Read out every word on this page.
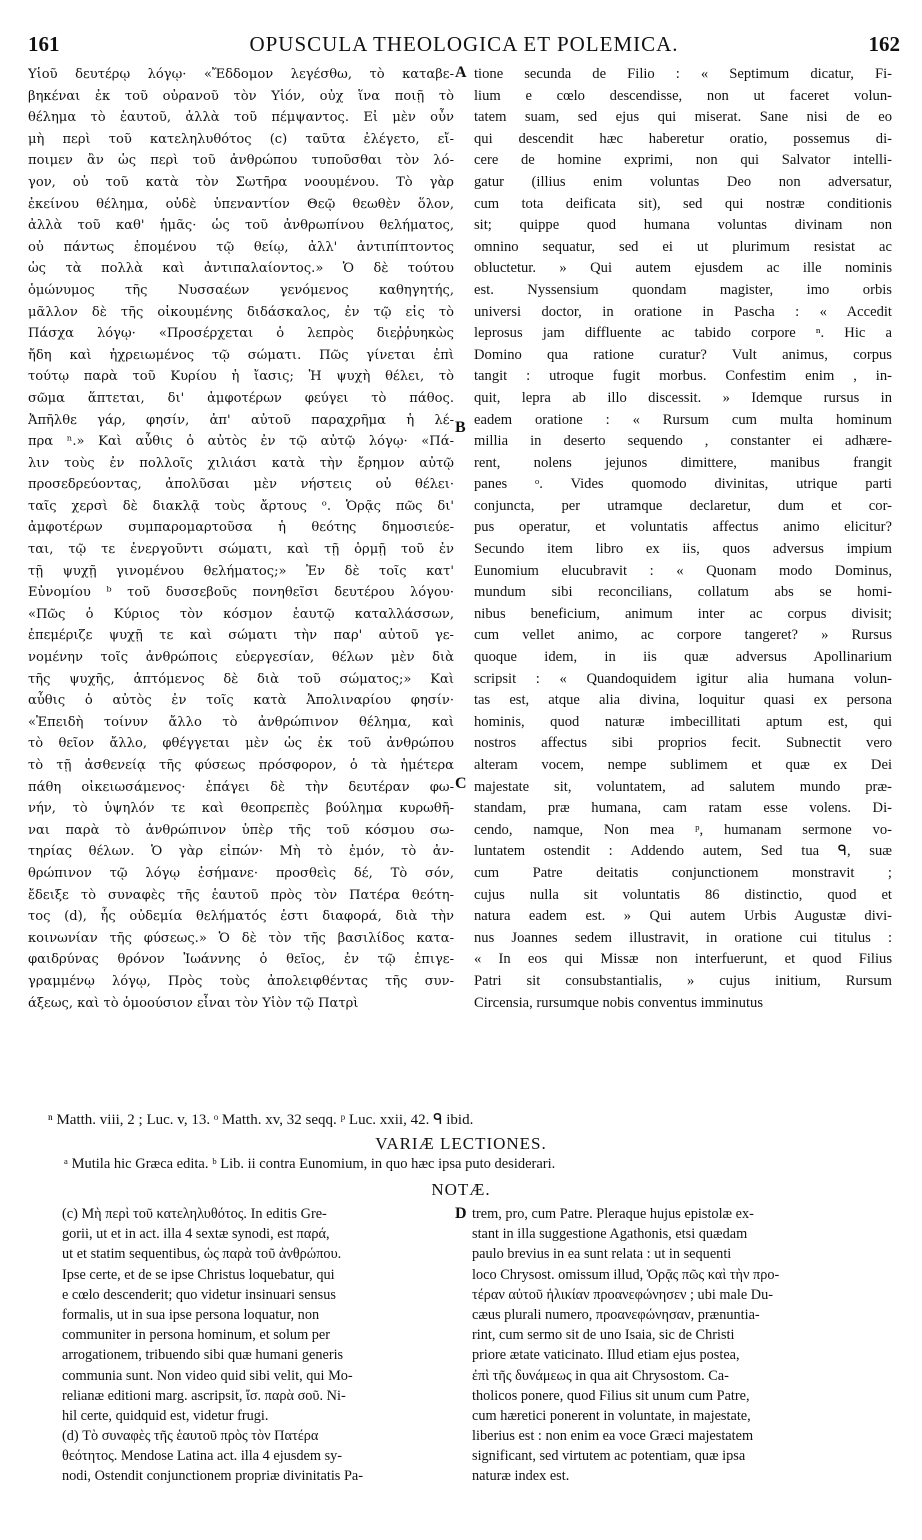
161	OPUSCULA THEOLOGICA ET POLEMICA.	162
Υἱοῦ δευτέρῳ λόγῳ· «Ἔδδομον λεγέσθω, τὸ καταβε-
βηκέναι ἐκ τοῦ οὐρανοῦ τὸν Υἱόν, οὐχ ἵνα ποιῇ τὸ
θέλημα τὸ ἑαυτοῦ, ἀλλὰ τοῦ πέμψαντος. Εἰ μὲν οὖν
μὴ περὶ τοῦ κατεληλυθότος (c) ταῦτα ἐλέγετο, εἴ-
ποιμεν ἂν ὡς περὶ τοῦ ἀνθρώπου τυποῦσθαι τὸν λό-
γον, οὐ τοῦ κατὰ τὸν Σωτῆρα νοουμένου. Τὸ γὰρ
ἐκείνου θέλημα, οὐδὲ ὑπεναντίον Θεῷ θεωθὲν ὅλον,
ἀλλὰ τοῦ καθ' ἡμᾶς· ὡς τοῦ ἀνθρωπίνου θελήματος,
οὐ πάντως ἑπομένου τῷ θείῳ, ἀλλ' ἀντιπίπτοντος
ὡς τὰ πολλὰ καὶ ἀντιπαλαίοντος.» Ὁ δὲ τούτου
ὁμώνυμος τῆς Νυσσαέων γενόμενος καθηγητής,
μᾶλλον δὲ τῆς οἰκουμένης διδάσκαλος, ἐν τῷ εἰς τὸ
Πάσχα λόγῳ· «Προσέρχεται ὁ λεπρὸς διεῤῥυηκὼς
ἤδη καὶ ἠχρειωμένος τῷ σώματι. Πῶς γίνεται ἐπὶ
τούτῳ παρὰ τοῦ Κυρίου ἡ ἴασις; Ἡ ψυχὴ θέλει, τὸ
σῶμα ἅπτεται, δι' ἀμφοτέρων φεύγει τὸ πάθος.
Ἀπῆλθε γάρ, φησίν, ἀπ' αὐτοῦ παραχρῆμα ἡ λέ-
πρα ⁿ.» Καὶ αὖθις ὁ αὐτὸς ἐν τῷ αὐτῷ λόγῳ· «Πά-
λιν τοὺς ἐν πολλοῖς χιλιάσι κατὰ τὴν ἔρημον αὐτῷ
προσεδρεύοντας, ἀπολῦσαι μὲν νήστεις οὐ θέλει·
ταῖς χερσὶ δὲ διακλᾷ τοὺς ἄρτους ᵒ. Ὁρᾷς πῶς δι'
ἀμφοτέρων συμπαρομαρτοῦσα ἡ θεότης δημοσιεύε-
ται, τῷ τε ἐνεργοῦντι σώματι, καὶ τῇ ὁρμῇ τοῦ ἐν
τῇ ψυχῇ γινομένου θελήματος;» Ἐν δὲ τοῖς κατ'
Εὐνομίου ᵇ τοῦ δυσσεβοῦς πονηθεῖσι δευτέρου λόγου·
«Πῶς ὁ Κύριος τὸν κόσμον ἑαυτῷ καταλλάσσων,
ἐπεμέριζε ψυχῇ τε καὶ σώματι τὴν παρ' αὐτοῦ γε-
νομένην τοῖς ἀνθρώποις εὐεργεσίαν, θέλων μὲν διὰ
τῆς ψυχῆς, ἁπτόμενος δὲ διὰ τοῦ σώματος;» Καὶ
αὖθις ὁ αὐτὸς ἐν τοῖς κατὰ Ἀπολιναρίου φησίν·
«Ἐπειδὴ τοίνυν ἄλλο τὸ ἀνθρώπινον θέλημα, καὶ
τὸ θεῖον ἄλλο, φθέγγεται μὲν ὡς ἐκ τοῦ ἀνθρώπου
τὸ τῇ ἀσθενείᾳ τῆς φύσεως πρόσφορον, ὁ τὰ ἡμέτερα
πάθη οἰκειωσάμενος· ἐπάγει δὲ τὴν δευτέραν φω-
νήν, τὸ ὑψηλόν τε καὶ θεοπρεπὲς βούλημα κυρωθῆ-
ναι παρὰ τὸ ἀνθρώπινον ὑπὲρ τῆς τοῦ κόσμου σω-
τηρίας θέλων. Ὁ γὰρ εἰπών· Μὴ τὸ ἐμόν, τὸ ἀν-
θρώπινον τῷ λόγῳ ἐσήμανε· προσθεὶς δέ, Τὸ σόν,
ἔδειξε τὸ συναφὲς τῆς ἑαυτοῦ πρὸς τὸν Πατέρα θεότη-
τος (d), ἧς οὐδεμία θελήματός ἐστι διαφορά, διὰ τὴν
κοινωνίαν τῆς φύσεως.» Ὁ δὲ τὸν τῆς βασιλίδος κατα-
φαιδρύνας θρόνον Ἰωάννης ὁ θεῖος, ἐν τῷ ἐπιγε-
γραμμένῳ λόγῳ, Πρὸς τοὺς ἀπολειφθέντας τῆς συν-
άξεως, καὶ τὸ ὁμοούσιον εἶναι τὸν Υἱὸν τῷ Πατρὶ
tione secunda de Filio : « Septimum dicatur, Fi-
lium e cœlo descendisse, non ut faceret volun-
tatem suam, sed ejus qui miserat. Sane nisi de eo
qui descendit hæc haberetur oratio, possemus di-
cere de homine exprimi, non qui Salvator intelli-
gatur (illius enim voluntas Deo non adversatur,
cum tota deificata sit), sed qui nostræ conditionis
sit; quippe quod humana voluntas divinam non
omnino sequatur, sed ei ut plurimum resistat ac
obluctetur. » Qui autem ejusdem ac ille nominis
est. Nyssensium quondam magister, imo orbis
universi doctor, in oratione in Pascha : « Accedit
leprosus jam diffluente ac tabido corpore ⁿ. Hic a
Domino qua ratione curatur? Vult animus, corpus
tangit : utroque fugit morbus. Confestim enim , in-
quit, lepra ab illo discessit. » Idemque rursus in
eadem oratione : « Rursum cum multa hominum
millia in deserto sequendo , constanter ei adhære-
rent, nolens jejunos dimittere, manibus frangit
panes ᵒ. Vides quomodo divinitas, utrique parti
conjuncta, per utramque declaretur, dum et cor-
pus operatur, et voluntatis affectus animo elicitur?
Secundo item libro ex iis, quos adversus impium
Eunomium elucubravit : « Quonam modo Dominus,
mundum sibi reconcilians, collatum abs se homi-
nibus beneficium, animum inter ac corpus divisit;
cum vellet animo, ac corpore tangeret? » Rursus
quoque idem, in iis quæ adversus Apollinarium
scripsit : « Quandoquidem igitur alia humana volun-
tas est, atque alia divina, loquitur quasi ex persona
hominis, quod naturæ imbecillitati aptum est, qui
nostros affectus sibi proprios fecit. Subnectit vero
alteram vocem, nempe sublimem et quæ ex Dei
majestate sit, voluntatem, ad salutem mundo præ-
standam, præ humana, cam ratam esse volens. Di-
cendo, namque, Non mea ᵖ, humanam sermone vo-
luntatem ostendit : Addendo autem, Sed tua ᑫ, suæ
cum Patre deitatis conjunctionem monstravit ;
cujus nulla sit voluntatis 86 distinctio, quod et
natura eadem est. » Qui autem Urbis Augustæ divi-
nus Joannes sedem illustravit, in oratione cui titulus :
« In eos qui Missæ non interfuerunt, et quod Filius
Patri sit consubstantialis, » cujus initium, Rursum
Circensia, rursumque nobis conventus imminutus
A
B
C
D
ⁿ Matth. viii, 2 ; Luc. v, 13. ᵒ Matth. xv, 32 seqq. ᵖ Luc. xxii, 42. ᑫ ibid.
VARIÆ LECTIONES.
ᵃ Mutila hic Græca edita. ᵇ Lib. ii contra Eunomium, in quo hæc ipsa puto desiderari.
NOTÆ.
(c) Μὴ περὶ τοῦ κατεληλυθότος. In editis Gre-
gorii, ut et in act. illa 4 sextæ synodi, est παρά,
ut et statim sequentibus, ὡς παρὰ τοῦ ἀνθρώπου.
Ipse certe, et de se ipse Christus loquebatur, qui
e cœlo descenderit; quo videtur insinuari sensus
formalis, ut in sua ipse persona loquatur, non
communiter in persona hominum, et solum per
arrogationem, tribuendo sibi quæ humani generis
communia sunt. Non video quid sibi velit, qui Mo-
relianæ editioni marg. ascripsit, ἴσ. παρὰ σοῦ. Ni-
hil certe, quidquid est, videtur frugi.
(d) Τὸ συναφὲς τῆς ἑαυτοῦ πρὸς τὸν Πατέρα
θεότητος. Mendose Latina act. illa 4 ejusdem sy-
nodi, Ostendit conjunctionem propriæ divinitatis Pa-
trem, pro, cum Patre. Pleraque hujus epistolæ ex-
stant in illa suggestione Agathonis, etsi quædam
paulo brevius in ea sunt relata : ut in sequenti
loco Chrysost. omissum illud, Ὁρᾷς πῶς καὶ τὴν προ-
τέραν αὐτοῦ ἡλικίαν προανεφώνησεν ; ubi male Du-
cæus plurali numero, προανεφώνησαν, prænuntia-
rint, cum sermo sit de uno Isaia, sic de Christi
priore ætate vaticinato. Illud etiam ejus postea,
ἐπὶ τῆς δυνάμεως in qua ait Chrysostom. Ca-
tholicos ponere, quod Filius sit unum cum Patre,
cum hæretici ponerent in voluntate, in majestate,
liberius est : non enim ea voce Græci majestatem
significant, sed virtutem ac potentiam, quæ ipsa
naturæ index est.
